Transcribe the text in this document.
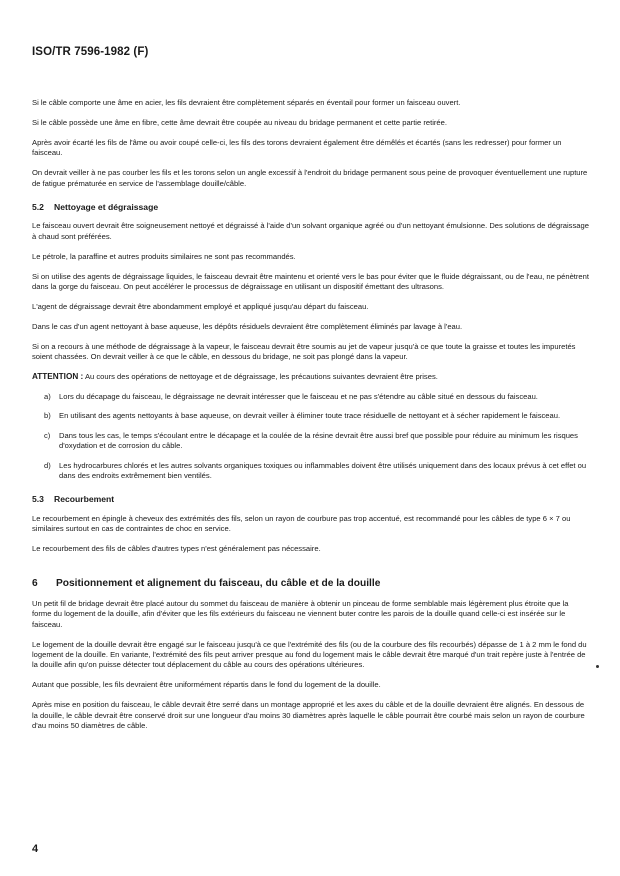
ISO/TR 7596-1982 (F)

Si le câble comporte une âme en acier, les fils devraient être complètement séparés en éventail pour former un faisceau ouvert.

Si le câble possède une âme en fibre, cette âme devrait être coupée au niveau du bridage permanent et cette partie retirée.

Après avoir écarté les fils de l'âme ou avoir coupé celle-ci, les fils des torons devraient également être démêlés et écartés (sans les redresser) pour former un faisceau.

On devrait veiller à ne pas courber les fils et les torons selon un angle excessif à l'endroit du bridage permanent sous peine de provoquer éventuellement une rupture de fatigue prématurée en service de l'assemblage douille/câble.

5.2 Nettoyage et dégraissage

Le faisceau ouvert devrait être soigneusement nettoyé et dégraissé à l'aide d'un solvant organique agréé ou d'un nettoyant émulsionne. Des solutions de dégraissage à chaud sont préférées.

Le pétrole, la paraffine et autres produits similaires ne sont pas recommandés.

Si on utilise des agents de dégraissage liquides, le faisceau devrait être maintenu et orienté vers le bas pour éviter que le fluide dégraissant, ou de l'eau, ne pénètrent dans la gorge du faisceau. On peut accélérer le processus de dégraissage en utilisant un dispositif émettant des ultrasons.

L'agent de dégraissage devrait être abondamment employé et appliqué jusqu'au départ du faisceau.

Dans le cas d'un agent nettoyant à base aqueuse, les dépôts résiduels devraient être complètement éliminés par lavage à l'eau.

Si on a recours à une méthode de dégraissage à la vapeur, le faisceau devrait être soumis au jet de vapeur jusqu'à ce que toute la graisse et toutes les impuretés soient chassées. On devrait veiller à ce que le câble, en dessous du bridage, ne soit pas plongé dans la vapeur.

ATTENTION : Au cours des opérations de nettoyage et de dégraissage, les précautions suivantes devraient être prises.

a) Lors du décapage du faisceau, le dégraissage ne devrait intéresser que le faisceau et ne pas s'étendre au câble situé en dessous du faisceau.
b) En utilisant des agents nettoyants à base aqueuse, on devrait veiller à éliminer toute trace résiduelle de nettoyant et à sécher rapidement le faisceau.
c) Dans tous les cas, le temps s'écoulant entre le décapage et la coulée de la résine devrait être aussi bref que possible pour réduire au minimum les risques d'oxydation et de corrosion du câble.
d) Les hydrocarbures chlorés et les autres solvants organiques toxiques ou inflammables doivent être utilisés uniquement dans des locaux prévus à cet effet ou dans des endroits extrêmement bien ventilés.
5.3 Recourbement

Le recourbement en épingle à cheveux des extrémités des fils, selon un rayon de courbure pas trop accentué, est recommandé pour les câbles de type 6 × 7 ou similaires surtout en cas de contraintes de choc en service.

Le recourbement des fils de câbles d'autres types n'est généralement pas nécessaire.

6 Positionnement et alignement du faisceau, du câble et de la douille

Un petit fil de bridage devrait être placé autour du sommet du faisceau de manière à obtenir un pinceau de forme semblable mais légèrement plus étroite que la forme du logement de la douille, afin d'éviter que les fils extérieurs du faisceau ne viennent buter contre les parois de la douille quand celle-ci est insérée sur le faisceau.

Le logement de la douille devrait être engagé sur le faisceau jusqu'à ce que l'extrémité des fils (ou de la courbure des fils recourbés) dépasse de 1 à 2 mm le fond du logement de la douille. En variante, l'extrémité des fils peut arriver presque au fond du logement mais le câble devrait être marqué d'un trait repère juste à l'entrée de la douille afin qu'on puisse détecter tout déplacement du câble au cours des opérations ultérieures.

Autant que possible, les fils devraient être uniformément répartis dans le fond du logement de la douille.

Après mise en position du faisceau, le câble devrait être serré dans un montage approprié et les axes du câble et de la douille devraient être alignés. En dessous de la douille, le câble devrait être conservé droit sur une longueur d'au moins 30 diamètres après laquelle le câble pourrait être courbé mais selon un rayon de courbure d'au moins 50 diamètres de câble.

4
